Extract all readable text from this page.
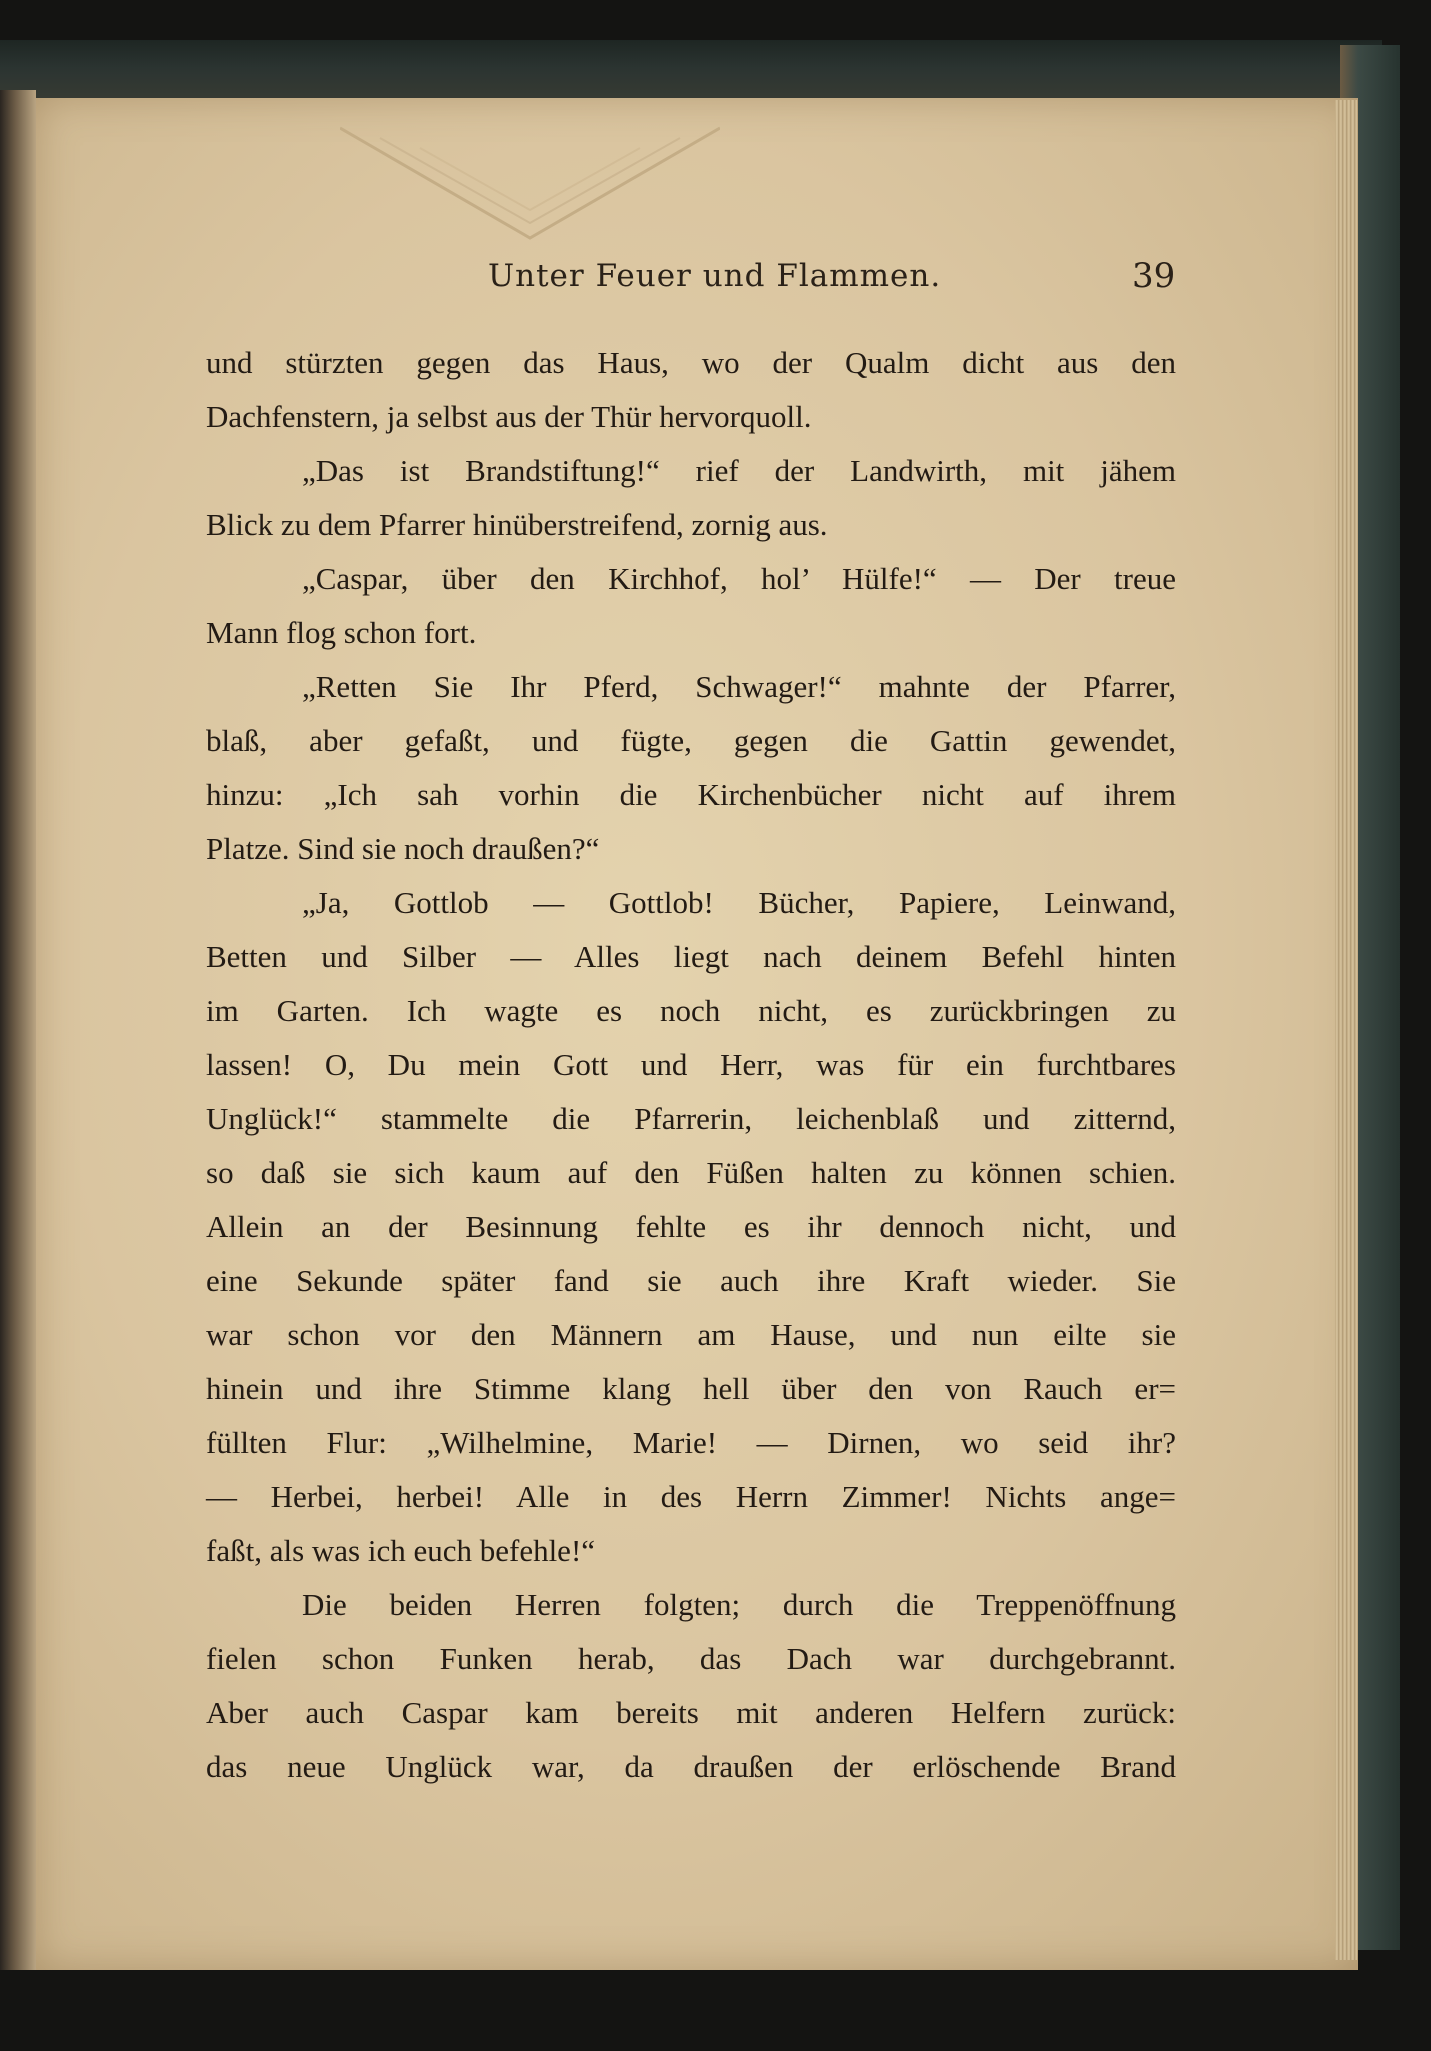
Unter Feuer und Flammen.	39
und stürzten gegen das Haus, wo der Qualm dicht aus den
Dachfenstern, ja selbst aus der Thür hervorquoll.
„Das ist Brandstiftung!“ rief der Landwirth, mit jähem
Blick zu dem Pfarrer hinüberstreifend, zornig aus.
„Caspar, über den Kirchhof, hol’ Hülfe!“ — Der treue
Mann flog schon fort.
„Retten Sie Ihr Pferd, Schwager!“ mahnte der Pfarrer,
blaß, aber gefaßt, und fügte, gegen die Gattin gewendet,
hinzu: „Ich sah vorhin die Kirchenbücher nicht auf ihrem
Platze. Sind sie noch draußen?“
„Ja, Gottlob — Gottlob! Bücher, Papiere, Leinwand,
Betten und Silber — Alles liegt nach deinem Befehl hinten
im Garten. Ich wagte es noch nicht, es zurückbringen zu
lassen! O, Du mein Gott und Herr, was für ein furchtbares
Unglück!“ stammelte die Pfarrerin, leichenblaß und zitternd,
so daß sie sich kaum auf den Füßen halten zu können schien.
Allein an der Besinnung fehlte es ihr dennoch nicht, und
eine Sekunde später fand sie auch ihre Kraft wieder. Sie
war schon vor den Männern am Hause, und nun eilte sie
hinein und ihre Stimme klang hell über den von Rauch er=
füllten Flur: „Wilhelmine, Marie! — Dirnen, wo seid ihr?
— Herbei, herbei! Alle in des Herrn Zimmer! Nichts ange=
faßt, als was ich euch befehle!“
Die beiden Herren folgten; durch die Treppenöffnung
fielen schon Funken herab, das Dach war durchgebrannt.
Aber auch Caspar kam bereits mit anderen Helfern zurück:
das neue Unglück war, da draußen der erlöschende Brand
